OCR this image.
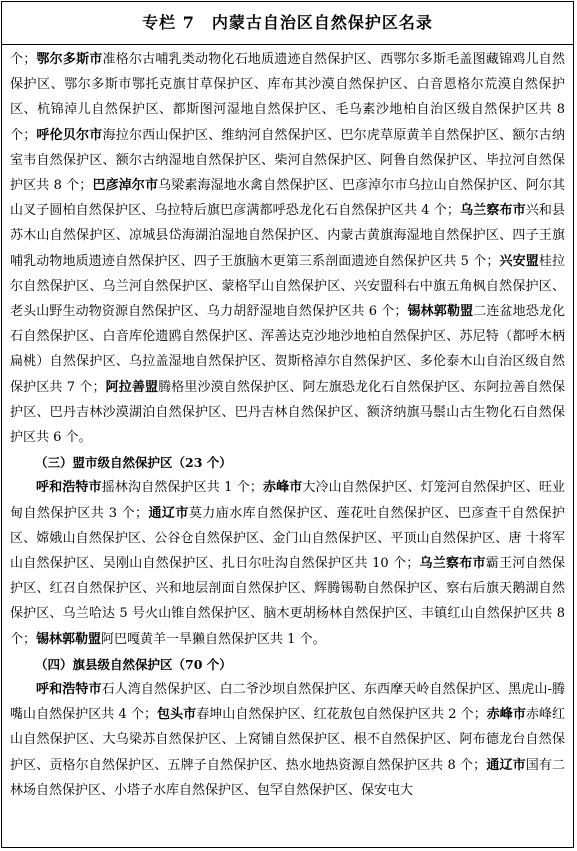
专栏 7　内蒙古自治区自然保护区名录

个；鄂尔多斯市准格尔古哺乳类动物化石地质遗迹自然保护区、西鄂尔多斯毛盖图藏锦鸡儿自然保护区、鄂尔多斯市鄂托克旗甘草保护区、库布其沙漠自然保护区、白音恩格尔荒漠自然保护区、杭锦淖儿自然保护区、都斯图河湿地自然保护区、毛乌素沙地柏自治区级自然保护区共 8 个；呼伦贝尔市海拉尔西山保护区、维纳河自然保护区、巴尔虎草原黄羊自然保护区、额尔古纳室韦自然保护区、额尔古纳湿地自然保护区、柴河自然保护区、阿鲁自然保护区、毕拉河自然保护区共 8 个；巴彦淖尔市乌梁素海湿地水禽自然保护区、巴彦淖尔市乌拉山自然保护区、阿尔其山叉子圆柏自然保护区、乌拉特后旗巴彦满都呼恐龙化石自然保护区共 4 个；乌兰察布市兴和县苏木山自然保护区、凉城县岱海湖泊湿地自然保护区、内蒙古黄旗海湿地自然保护区、四子王旗哺乳动物地质遗迹自然保护区、四子王旗脑木更第三系剖面遗迹自然保护区共 5 个；兴安盟桂拉尔自然保护区、乌兰河自然保护区、蒙格罕山自然保护区、兴安盟科右中旗五角枫自然保护区、老头山野生动物资源自然保护区、乌力胡舒湿地自然保护区共 6 个；锡林郭勒盟二连盆地恐龙化石自然保护区、白音库伦遗鸥自然保护区、浑善达克沙地沙地柏自然保护区、苏尼特（都呼木柄扁桃）自然保护区、乌拉盖湿地自然保护区、贺斯格淖尔自然保护区、多伦泰木山自治区级自然保护区共 7 个；阿拉善盟腾格里沙漠自然保护区、阿左旗恐龙化石自然保护区、东阿拉善自然保护区、巴丹吉林沙漠湖泊自然保护区、巴丹吉林自然保护区、额济纳旗马鬃山古生物化石自然保护区共 6 个。

（三）盟市级自然保护区（23 个）

呼和浩特市摇林沟自然保护区共 1 个；赤峰市大冷山自然保护区、灯笼河自然保护区、旺业甸自然保护区共 3 个；通辽市莫力庙水库自然保护区、莲花吐自然保护区、巴彦查干自然保护区、嫦娥山自然保护区、公谷仓自然保护区、金门山自然保护区、平顶山自然保护区、唐 十将军山自然保护区、吴刚山自然保护区、扎日尔吐沟自然保护区共 10 个；乌兰察布市霸王河自然保护区、红召自然保护区、兴和地层剖面自然保护区、辉腾锡勒自然保护区、察右后旗天鹅湖自然保护区、乌兰哈达 5 号火山锥自然保护区、脑木更胡杨林自然保护区、丰镇红山自然保护区共 8 个；锡林郭勒盟阿巴嘎黄羊一旱獭自然保护区共 1 个。

（四）旗县级自然保护区（70 个）

呼和浩特市石人湾自然保护区、白二爷沙坝自然保护区、东西摩天岭自然保护区、黑虎山-腾嘴山自然保护区共 4 个；包头市春坤山自然保护区、红花敖包自然保护区共 2 个；赤峰市赤峰红山自然保护区、大乌梁苏自然保护区、上窝铺自然保护区、根不自然保护区、阿布德龙台自然保护区、贡格尔自然保护区、五牌子自然保护区、热水地热资源自然保护区共 8 个；通辽市国有二林场自然保护区、小塔子水库自然保护区、包罕自然保护区、保安屯大
